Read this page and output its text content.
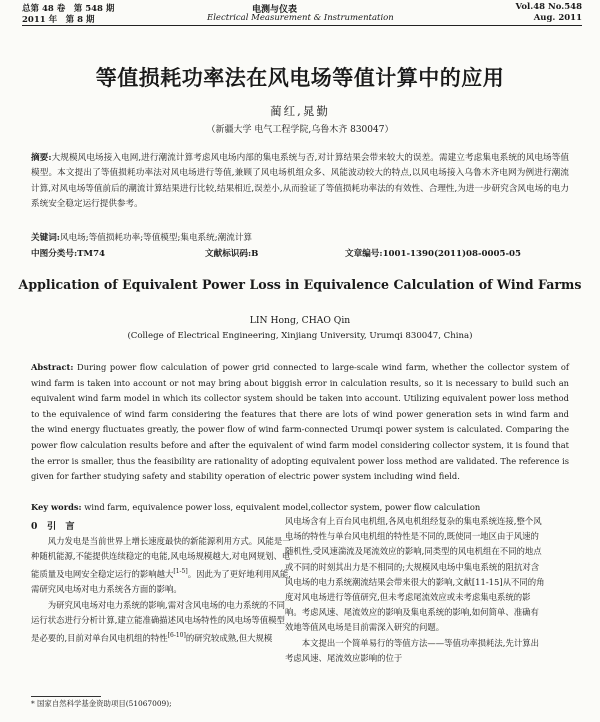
总第 48 卷　第 548 期
2011 年　第 8 期
电测与仪表
Electrical Measurement & Instrumentation
Vol.48 No.548
Aug. 2011
等值损耗功率法在风电场等值计算中的应用
蔺红,晁勤
（新疆大学 电气工程学院,乌鲁木齐 830047）
摘要:大规模风电场接入电网,进行潮流计算考虑风电场内部的集电系统与否,对计算结果会带来较大的误差。需建立考虑集电系统的风电场等值模型。本文提出了等值损耗功率法对风电场进行等值,兼顾了风电场机组众多、风能波动较大的特点,以风电场接入乌鲁木齐电网为例进行潮流计算,对风电场等值前后的潮流计算结果进行比较,结果相近,误差小,从而验证了等值损耗功率法的有效性、合理性,为进一步研究含风电场的电力系统安全稳定运行提供参考。
关键词:风电场;等值损耗功率;等值模型;集电系统;潮流计算
中图分类号:TM74	文献标识码:B	文章编号:1001-1390(2011)08-0005-05
Application of Equivalent Power Loss in Equivalence Calculation of Wind Farms
LIN Hong, CHAO Qin
(College of Electrical Engineering, Xinjiang University, Urumqi 830047, China)
Abstract: During power flow calculation of power grid connected to large-scale wind farm, whether the collector system of wind farm is taken into account or not may bring about biggish error in calculation results, so it is necessary to build such an equivalent wind farm model in which its collector system should be taken into account. Utilizing equivalent power loss method to the equivalence of wind farm considering the features that there are lots of wind power generation sets in wind farm and the wind energy fluctuates greatly, the power flow of wind farm-connected Urumqi power system is calculated. Comparing the power flow calculation results before and after the equivalent of wind farm model considering collector system, it is found that the error is smaller, thus the feasibility are rationality of adopting equivalent power loss method are validated. The reference is given for farther studying safety and stability operation of electric power system including wind field.
Key words: wind farm, equivalence power loss, equivalent model,collector system, power flow calculation
0 引　言

风力发电是当前世界上增长速度最快的新能源利用方式。风能是一种随机能源,不能提供连续稳定的电能,风电场规模越大,对电网规划、电能质量及电网安全稳定运行的影响越大[1-5]。因此为了更好地利用风能,需研究风电场对电力系统各方面的影响。

为研究风电场对电力系统的影响,需对含风电场的电力系统的不同运行状态进行分析计算,建立能准确描述风电场特性的风电场等值模型是必要的,目前对单台风电机组的特性[6-10]的研究较成熟,但大规模

风电场含有上百台风电机组,各风电机组经复杂的集电系统连接,整个风电场的特性与单台风电机组的特性是不同的,既使同一地区由于风速的随机性,受风速湍流及尾流效应的影响,同类型的风电机组在不同的地点或不同的时刻其出力是不相同的;大规模风电场中集电系统的阻抗对含风电场的电力系统潮流结果会带来很大的影响,文献[11-15]从不同的角度对风电场进行等值研究,但未考虑尾流效应或未考虑集电系统的影响。考虑风速、尾流效应的影响及集电系统的影响,如何简单、准确有效地等值风电场是目前需深入研究的问题。

本文提出一个简单易行的等值方法——等值功率损耗法,先计算出考虑风速、尾流效应影响的位于

* 国家自然科学基金资助项目(51067009);
